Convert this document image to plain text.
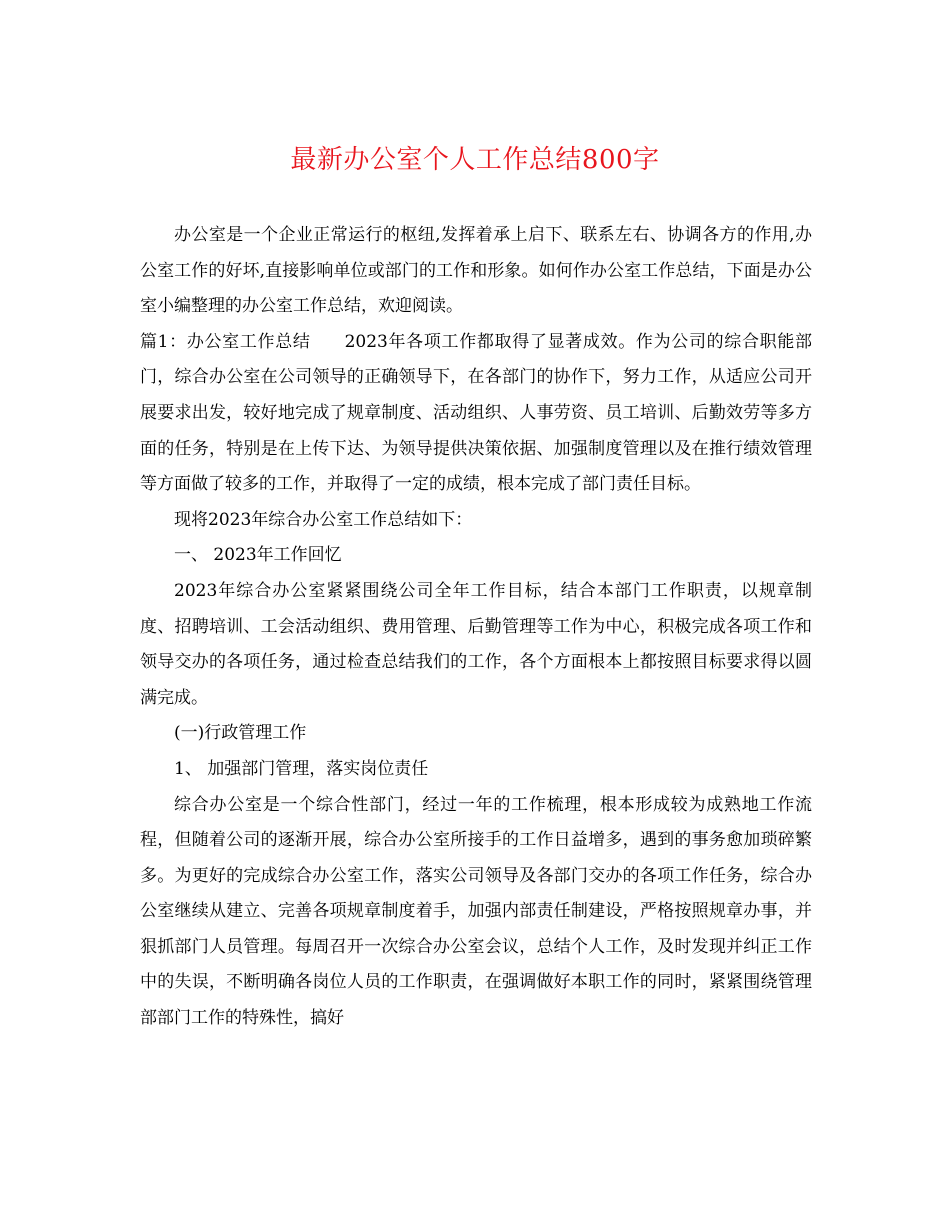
最新办公室个人工作总结800字

办公室是一个企业正常运行的枢纽,发挥着承上启下、联系左右、协调各方的作用,办公室工作的好坏,直接影响单位或部门的工作和形象。如何作办公室工作总结，下面是办公室小编整理的办公室工作总结，欢迎阅读。

篇1：办公室工作总结 2023年各项工作都取得了显著成效。作为公司的综合职能部门，综合办公室在公司领导的正确领导下，在各部门的协作下，努力工作，从适应公司开展要求出发，较好地完成了规章制度、活动组织、人事劳资、员工培训、后勤效劳等多方面的任务，特别是在上传下达、为领导提供决策依据、加强制度管理以及在推行绩效管理等方面做了较多的工作，并取得了一定的成绩，根本完成了部门责任目标。

现将2023年综合办公室工作总结如下：

一、 2023年工作回忆

2023年综合办公室紧紧围绕公司全年工作目标，结合本部门工作职责，以规章制度、招聘培训、工会活动组织、费用管理、后勤管理等工作为中心，积极完成各项工作和领导交办的各项任务，通过检查总结我们的工作，各个方面根本上都按照目标要求得以圆满完成。

(一)行政管理工作

1、 加强部门管理，落实岗位责任

综合办公室是一个综合性部门，经过一年的工作梳理，根本形成较为成熟地工作流程，但随着公司的逐渐开展，综合办公室所接手的工作日益增多，遇到的事务愈加琐碎繁多。为更好的完成综合办公室工作，落实公司领导及各部门交办的各项工作任务，综合办公室继续从建立、完善各项规章制度着手，加强内部责任制建设，严格按照规章办事，并狠抓部门人员管理。每周召开一次综合办公室会议，总结个人工作，及时发现并纠正工作中的失误，不断明确各岗位人员的工作职责，在强调做好本职工作的同时，紧紧围绕管理部部门工作的特殊性，搞好
